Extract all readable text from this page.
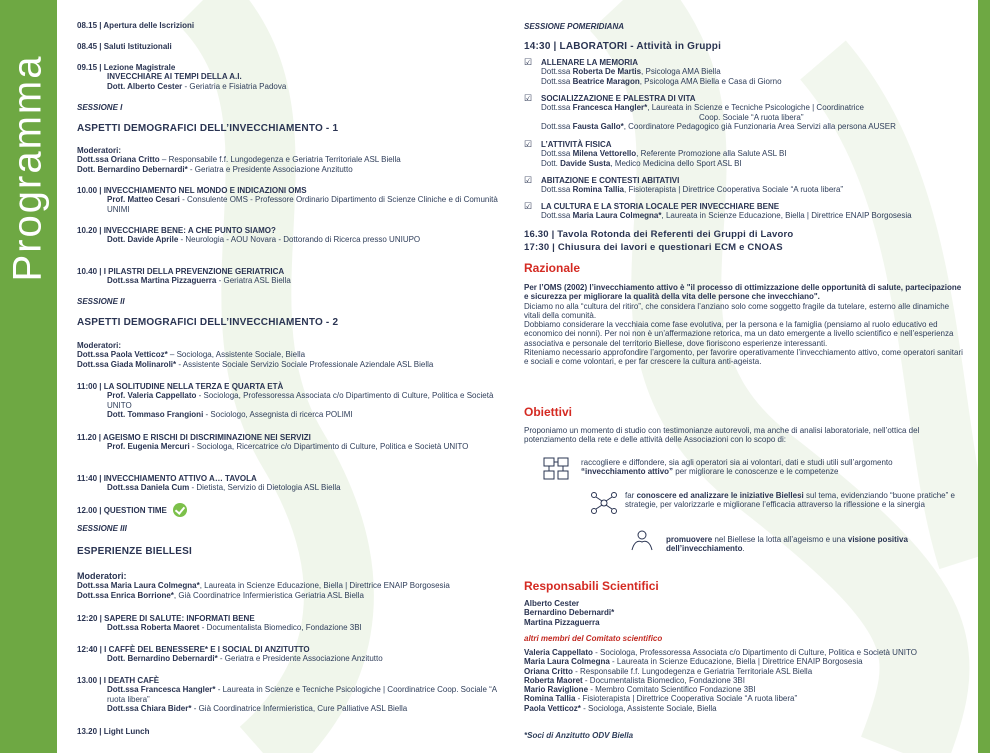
Programma
08.15 | Apertura delle Iscrizioni
08.45 | Saluti Istituzionali
09.15 | Lezione Magistrale
INVECCHIARE AI TEMPI DELLA A.I.
Dott. Alberto Cester - Geriatria e Fisiatria Padova
SESSIONE I
ASPETTI DEMOGRAFICI DELL’INVECCHIAMENTO - 1
Moderatori:
Dott.ssa Oriana Critto – Responsabile f.f. Lungodegenza e Geriatria Territoriale ASL Biella
Dott. Bernardino Debernardi* - Geriatra e Presidente Associazione Anzitutto
10.00 | INVECCHIAMENTO NEL MONDO E INDICAZIONI OMS
Prof. Matteo Cesari - Consulente OMS - Professore Ordinario Dipartimento di Scienze Cliniche e di Comunità UNIMI
10.20 | INVECCHIARE BENE: A CHE PUNTO SIAMO?
Dott. Davide Aprile - Neurologia - AOU Novara - Dottorando di Ricerca presso UNIUPO
10.40 | I PILASTRI DELLA PREVENZIONE GERIATRICA
Dott.ssa Martina Pizzaguerra - Geriatra ASL Biella
SESSIONE II
ASPETTI DEMOGRAFICI DELL’INVECCHIAMENTO - 2
Moderatori:
Dott.ssa Paola Vetticoz* – Sociologa, Assistente Sociale, Biella
Dott.ssa Giada Molinaroli* - Assistente Sociale Servizio Sociale Professionale Aziendale ASL Biella
11:00 | LA SOLITUDINE NELLA TERZA E QUARTA ETÀ
Prof. Valeria Cappellato - Sociologa, Professoressa Associata c/o Dipartimento di Culture, Politica e Società UNITO
Dott. Tommaso Frangioni - Sociologo, Assegnista di ricerca POLIMI
11.20 | AGEISMO E RISCHI DI DISCRIMINAZIONE NEI SERVIZI
Prof. Eugenia Mercuri - Sociologa, Ricercatrice c/o Dipartimento di Culture, Politica e Società UNITO
11:40 | INVECCHIAMENTO ATTIVO A… TAVOLA
Dott.ssa Daniela Cum - Dietista, Servizio di Dietologia ASL Biella
12.00 | QUESTION TIME
SESSIONE III
ESPERIENZE BIELLESI
Moderatori:
Dott.ssa Maria Laura Colmegna*, Laureata in Scienze Educazione, Biella | Direttrice ENAIP Borgosesia
Dott.ssa Enrica Borrione*, Già Coordinatrice Infermieristica Geriatria ASL Biella
12:20 | SAPERE DI SALUTE: INFORMATI BENE
Dott.ssa Roberta Maoret - Documentalista Biomedico, Fondazione 3BI
12:40 | I CAFFÈ DEL BENESSERE* E I SOCIAL DI ANZITUTTO
Dott. Bernardino Debernardi* - Geriatra e Presidente Associazione Anzitutto
13.00 | I DEATH CAFÈ
Dott.ssa Francesca Hangler* - Laureata in Scienze e Tecniche Psicologiche | Coordinatrice Coop. Sociale “A ruota libera”
Dott.ssa Chiara Bider* - Già Coordinatrice Infermieristica, Cure Palliative ASL Biella
13.20 | Light Lunch
SESSIONE POMERIDIANA
14:30 | LABORATORI - Attività in Gruppi
☑ ALLENARE LA MEMORIA
Dott.ssa Roberta De Martis, Psicologa AMA Biella
Dott.ssa Beatrice Maragon, Psicologa AMA Biella e Casa di Giorno
☑ SOCIALIZZAZIONE E PALESTRA DI VITA
Dott.ssa Francesca Hangler*, Laureata in Scienze e Tecniche Psicologiche | Coordinatrice
Coop. Sociale “A ruota libera”
Dott.ssa Fausta Gallo*, Coordinatore Pedagogico già Funzionaria Area Servizi alla persona AUSER
☑ L’ATTIVITÀ FISICA
Dott.ssa Milena Vettorello, Referente Promozione alla Salute ASL BI
Dott. Davide Susta, Medico Medicina dello Sport ASL BI
☑ ABITAZIONE E CONTESTI ABITATIVI
Dott.ssa Romina Tallia, Fisioterapista | Direttrice Cooperativa Sociale “A ruota libera”
☑ LA CULTURA E LA STORIA LOCALE PER INVECCHIARE BENE
Dott.ssa Maria Laura Colmegna*, Laureata in Scienze Educazione, Biella | Direttrice ENAIP Borgosesia
16.30 | Tavola Rotonda dei Referenti dei Gruppi di Lavoro
17:30 | Chiusura dei lavori e questionari ECM e CNOAS
Razionale
Per l’OMS (2002) l’invecchiamento attivo è "il processo di ottimizzazione delle opportunità di salute, partecipazione e sicurezza per migliorare la qualità della vita delle persone che invecchiano".
Diciamo no alla “cultura del ritiro”, che considera l’anziano solo come soggetto fragile da tutelare, esterno alle dinamiche vitali della comunità.
Dobbiamo considerare la vecchiaia come fase evolutiva, per la persona e la famiglia (pensiamo al ruolo educativo ed economico dei nonni). Per noi non è un’affermazione retorica, ma un dato emergente a livello scientifico e nell’esperienza associativa e personale del territorio Biellese, dove fioriscono esperienze interessanti.
Riteniamo necessario approfondire l’argomento, per favorire operativamente l’invecchiamento attivo, come operatori sanitari e sociali e come volontari, e per far crescere la cultura anti-ageista.
Obiettivi
Proponiamo un momento di studio con testimonianze autorevoli, ma anche di analisi laboratoriale, nell’ottica del potenziamento della rete e delle attività delle Associazioni con lo scopo di:
raccogliere e diffondere, sia agli operatori sia ai volontari, dati e studi utili sull’argomento
“invecchiamento attivo” per migliorare le conoscenze e le competenze
far conoscere ed analizzare le iniziative Biellesi sul tema, evidenziando “buone pratiche” e strategie, per valorizzarle e migliorane l’efficacia attraverso la riflessione e la sinergia
promuovere nel Biellese la lotta all’ageismo e una visione positiva dell’invecchiamento.
Responsabili Scientifici
Alberto Cester
Bernardino Debernardi*
Martina Pizzaguerra
altri membri del Comitato scientifico
Valeria Cappellato - Sociologa, Professoressa Associata c/o Dipartimento di Culture, Politica e Società UNITO
Maria Laura Colmegna - Laureata in Scienze Educazione, Biella | Direttrice ENAIP Borgosesia
Oriana Critto - Responsabile f.f. Lungodegenza e Geriatria Territoriale ASL Biella
Roberta Maoret - Documentalista Biomedico, Fondazione 3BI
Mario Raviglione - Membro Comitato Scientifico Fondazione 3BI
Romina Tallia - Fisioterapista | Direttrice Cooperativa Sociale “A ruota libera”
Paola Vetticoz* - Sociologa, Assistente Sociale, Biella
*Soci di Anzitutto ODV Biella
